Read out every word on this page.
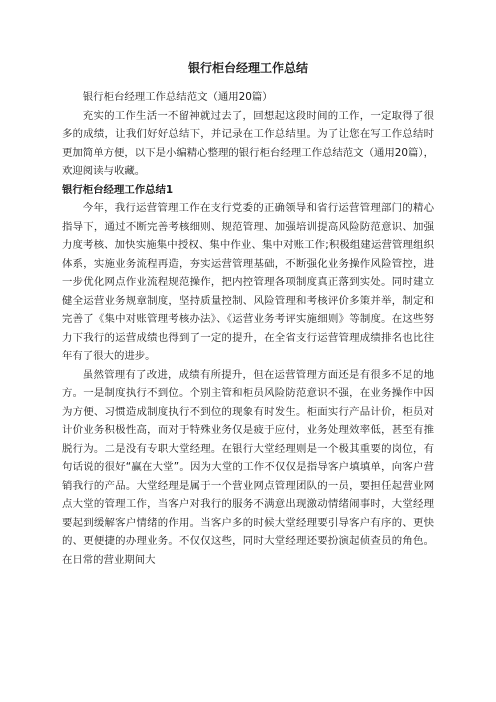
银行柜台经理工作总结

银行柜台经理工作总结范文（通用20篇）

充实的工作生活一不留神就过去了，回想起这段时间的工作，一定取得了很多的成绩，让我们好好总结下，并记录在工作总结里。为了让您在写工作总结时更加简单方便，以下是小编精心整理的银行柜台经理工作总结范文（通用20篇），欢迎阅读与收藏。

银行柜台经理工作总结1

今年，我行运营管理工作在支行党委的正确领导和省行运营管理部门的精心指导下，通过不断完善考核细则、规范管理、加强培训提高风险防范意识、加强力度考核、加快实施集中授权、集中作业、集中对账工作;积极组建运营管理组织体系，实施业务流程再造，夯实运营管理基础，不断强化业务操作风险管控，进一步优化网点作业流程规范操作，把内控管理各项制度真正落到实处。同时建立健全运营业务规章制度，坚持质量控制、风险管理和考核评价多策并举，制定和完善了《集中对账管理考核办法》、《运营业务考评实施细则》等制度。在这些努力下我行的运营成绩也得到了一定的提升，在全省支行运营管理成绩排名也比往年有了很大的进步。

虽然管理有了改进，成绩有所提升，但在运营管理方面还是有很多不足的地方。一是制度执行不到位。个别主管和柜员风险防范意识不强，在业务操作中因为方便、习惯造成制度执行不到位的现象有时发生。柜面实行产品计价，柜员对计价业务积极性高，而对于特殊业务仅是疲于应付，业务处理效率低，甚至有推脱行为。二是没有专职大堂经理。在银行大堂经理则是一个极其重要的岗位，有句话说的很好“赢在大堂”。因为大堂的工作不仅仅是指导客户填填单，向客户营销我行的产品。大堂经理是属于一个营业网点管理团队的一员，要担任起营业网点大堂的管理工作，当客户对我行的服务不满意出现激动情绪闹事时，大堂经理要起到缓解客户情绪的作用。当客户多的时候大堂经理要引导客户有序的、更快的、更便捷的办理业务。不仅仅这些，同时大堂经理还要扮演起侦查员的角色。在日常的营业期间大
